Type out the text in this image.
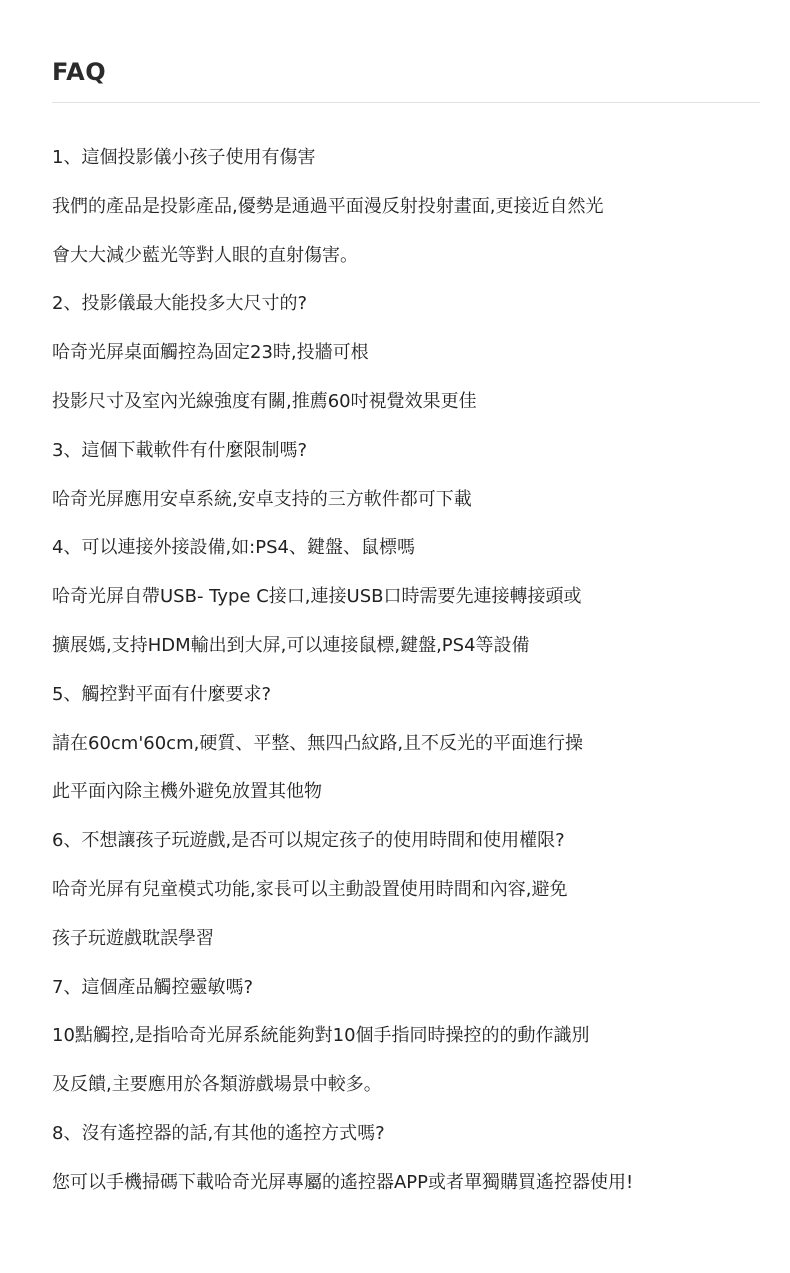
FAQ
1、這個投影儀小孩子使用有傷害
我們的產品是投影產品,優勢是通過平面漫反射投射畫面,更接近自然光
會大大減少藍光等對人眼的直射傷害。
2、投影儀最大能投多大尺寸的?
哈奇光屏桌面觸控為固定23時,投牆可根
投影尺寸及室內光線強度有關,推薦60吋視覺效果更佳
3、這個下載軟件有什麼限制嗎?
哈奇光屏應用安卓系統,安卓支持的三方軟件都可下載
4、可以連接外接設備,如:PS4、鍵盤、鼠標嗎
哈奇光屏自帶USB- Type C接口,連接USB口時需要先連接轉接頭或
擴展媽,支持HDM輸出到大屏,可以連接鼠標,鍵盤,PS4等設備
5、觸控對平面有什麼要求?
請在60cm'60cm,硬質、平整、無四凸紋路,且不反光的平面進行操
此平面內除主機外避免放置其他物
6、不想讓孩子玩遊戲,是否可以規定孩子的使用時間和使用權限?
哈奇光屏有兒童模式功能,家長可以主動設置使用時間和內容,避免
孩子玩遊戲耽誤學習
7、這個產品觸控靈敏嗎?
10點觸控,是指哈奇光屏系統能夠對10個手指同時操控的的動作識別
及反饋,主要應用於各類游戲場景中較多。
8、沒有遙控器的話,有其他的遙控方式嗎?
您可以手機掃碼下載哈奇光屏專屬的遙控器APP或者單獨購買遙控器使用!
